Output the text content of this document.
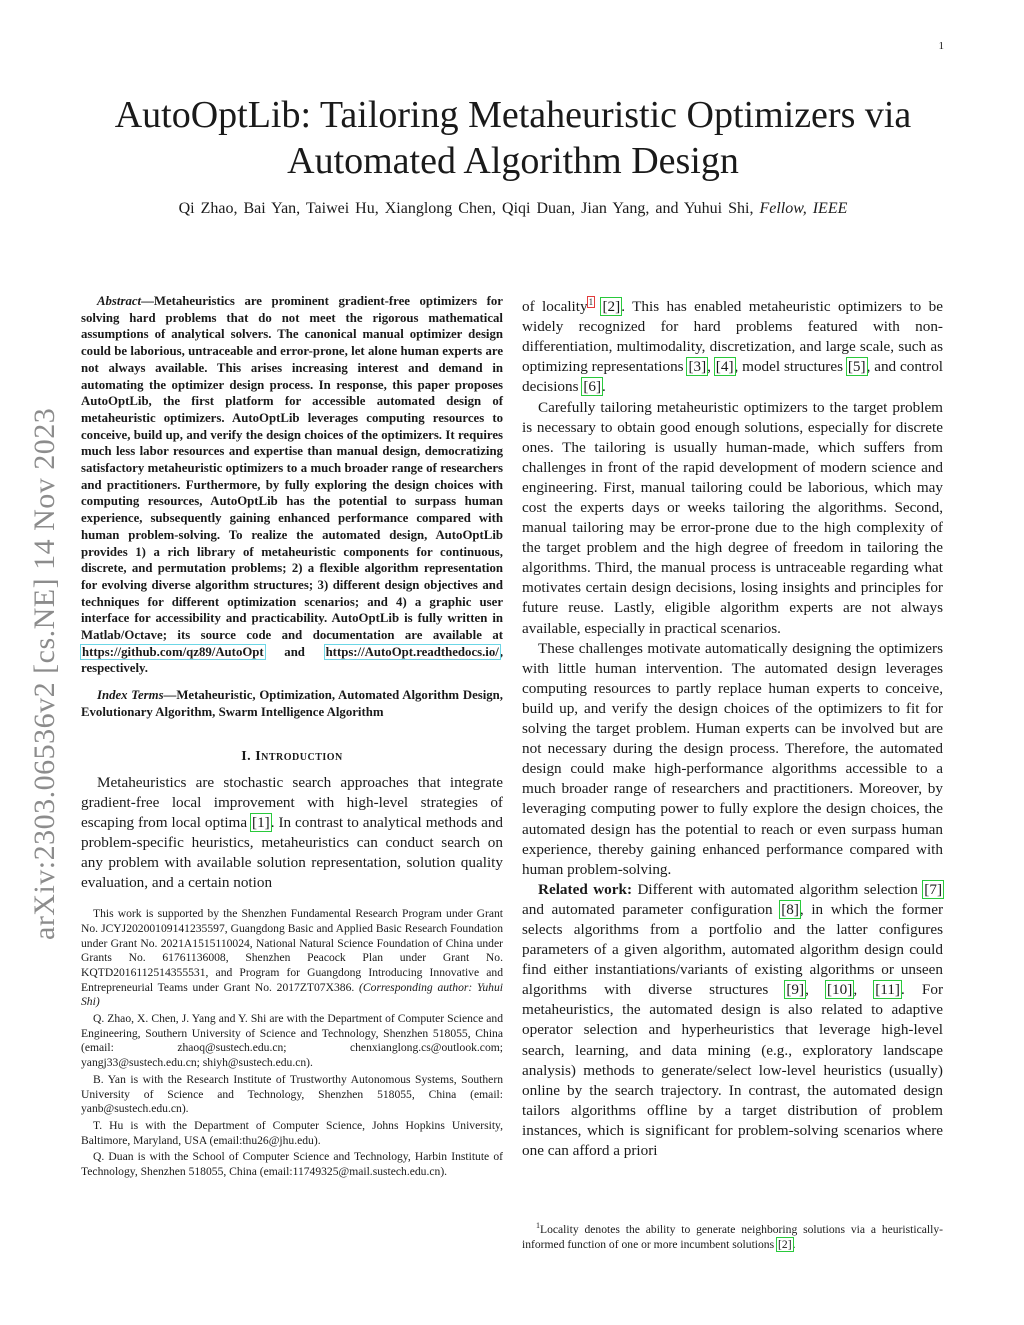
1
arXiv:2303.06536v2 [cs.NE] 14 Nov 2023
AutoOptLib: Tailoring Metaheuristic Optimizers via
Automated Algorithm Design
Qi Zhao, Bai Yan, Taiwei Hu, Xianglong Chen, Qiqi Duan, Jian Yang, and Yuhui Shi, Fellow, IEEE

Abstract—Metaheuristics are prominent gradient-free optimizers for solving hard problems that do not meet the rigorous mathematical assumptions of analytical solvers. The canonical manual optimizer design could be laborious, untraceable and error-prone, let alone human experts are not always available. This arises increasing interest and demand in automating the optimizer design process. In response, this paper proposes AutoOptLib, the first platform for accessible automated design of metaheuristic optimizers. AutoOptLib leverages computing resources to conceive, build up, and verify the design choices of the optimizers. It requires much less labor resources and expertise than manual design, democratizing satisfactory metaheuristic optimizers to a much broader range of researchers and practitioners. Furthermore, by fully exploring the design choices with computing resources, AutoOptLib has the potential to surpass human experience, subsequently gaining enhanced performance compared with human problem-solving. To realize the automated design, AutoOptLib provides 1) a rich library of metaheuristic components for continuous, discrete, and permutation problems; 2) a flexible algorithm representation for evolving diverse algorithm structures; 3) different design objectives and techniques for different optimization scenarios; and 4) a graphic user interface for accessibility and practicability. AutoOptLib is fully written in Matlab/Octave; its source code and documentation are available at https://github.com/qz89/AutoOpt and https://AutoOpt.readthedocs.io/, respectively.

Index Terms—Metaheuristic, Optimization, Automated Algorithm Design, Evolutionary Algorithm, Swarm Intelligence Algorithm

I. Introduction

Metaheuristics are stochastic search approaches that integrate gradient-free local improvement with high-level strategies of escaping from local optima [1]. In contrast to analytical methods and problem-specific heuristics, metaheuristics can conduct search on any problem with available solution representation, solution quality evaluation, and a certain notion

This work is supported by the Shenzhen Fundamental Research Program under Grant No. JCYJ20200109141235597, Guangdong Basic and Applied Basic Research Foundation under Grant No. 2021A1515110024, National Natural Science Foundation of China under Grants No. 61761136008, Shenzhen Peacock Plan under Grant No. KQTD2016112514355531, and Program for Guangdong Introducing Innovative and Entrepreneurial Teams under Grant No. 2017ZT07X386. (Corresponding author: Yuhui Shi)

Q. Zhao, X. Chen, J. Yang and Y. Shi are with the Department of Computer Science and Engineering, Southern University of Science and Technology, Shenzhen 518055, China (email: zhaoq@sustech.edu.cn; chenxianglong.cs@outlook.com; yangj33@sustech.edu.cn; shiyh@sustech.edu.cn).

B. Yan is with the Research Institute of Trustworthy Autonomous Systems, Southern University of Science and Technology, Shenzhen 518055, China (email: yanb@sustech.edu.cn).

T. Hu is with the Department of Computer Science, Johns Hopkins University, Baltimore, Maryland, USA (email:thu26@jhu.edu).

Q. Duan is with the School of Computer Science and Technology, Harbin Institute of Technology, Shenzhen 518055, China (email:11749325@mail.sustech.edu.cn).

of locality$^1$ [2]. This has enabled metaheuristic optimizers to be widely recognized for hard problems featured with non-differentiation, multimodality, discretization, and large scale, such as optimizing representations [3], [4], model structures [5], and control decisions [6].

Carefully tailoring metaheuristic optimizers to the target problem is necessary to obtain good enough solutions, especially for discrete ones. The tailoring is usually human-made, which suffers from challenges in front of the rapid development of modern science and engineering. First, manual tailoring could be laborious, which may cost the experts days or weeks tailoring the algorithms. Second, manual tailoring may be error-prone due to the high complexity of the target problem and the high degree of freedom in tailoring the algorithms. Third, the manual process is untraceable regarding what motivates certain design decisions, losing insights and principles for future reuse. Lastly, eligible algorithm experts are not always available, especially in practical scenarios.

These challenges motivate automatically designing the optimizers with little human intervention. The automated design leverages computing resources to partly replace human experts to conceive, build up, and verify the design choices of the optimizers to fit for solving the target problem. Human experts can be involved but are not necessary during the design process. Therefore, the automated design could make high-performance algorithms accessible to a much broader range of researchers and practitioners. Moreover, by leveraging computing power to fully explore the design choices, the automated design has the potential to reach or even surpass human experience, thereby gaining enhanced performance compared with human problem-solving.

Related work: Different with automated algorithm selection [7] and automated parameter configuration [8], in which the former selects algorithms from a portfolio and the latter configures parameters of a given algorithm, automated algorithm design could find either instantiations/variants of existing algorithms or unseen algorithms with diverse structures [9], [10], [11]. For metaheuristics, the automated design is also related to adaptive operator selection and hyperheuristics that leverage high-level search, learning, and data mining (e.g., exploratory landscape analysis) methods to generate/select low-level heuristics (usually) online by the search trajectory. In contrast, the automated design tailors algorithms offline by a target distribution of problem instances, which is significant for problem-solving scenarios where one can afford a priori

$^1$Locality denotes the ability to generate neighboring solutions via a heuristically-informed function of one or more incumbent solutions [2].
